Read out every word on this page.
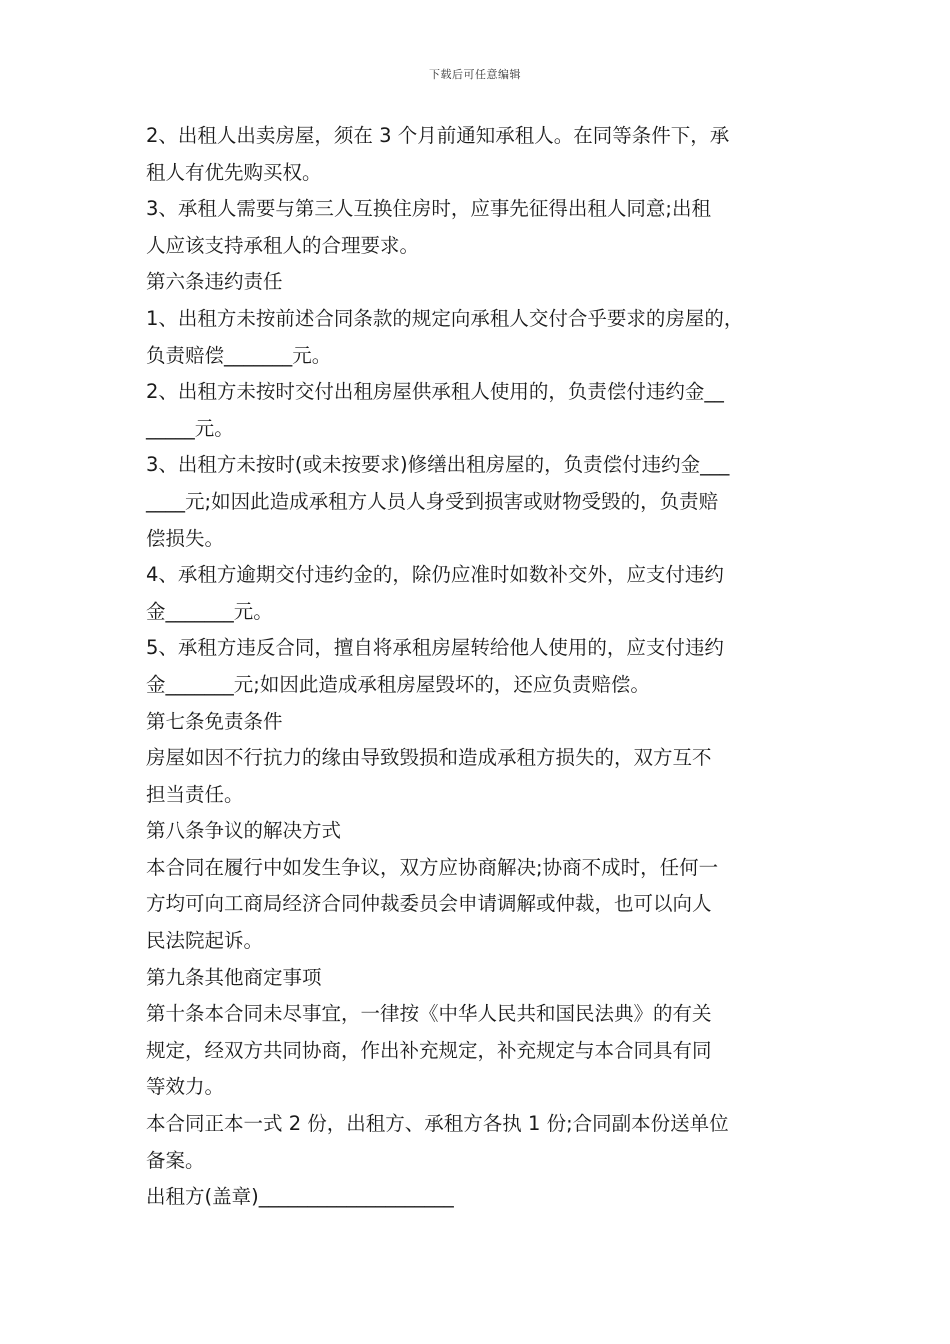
下载后可任意编辑
2、出租人出卖房屋，须在 3 个月前通知承租人。在同等条件下，承
租人有优先购买权。
3、承租人需要与第三人互换住房时，应事先征得出租人同意;出租
人应该支持承租人的合理要求。
第六条违约责任
1、出租方未按前述合同条款的规定向承租人交付合乎要求的房屋的，
负责赔偿_______元。
2、出租方未按时交付出租房屋供承租人使用的，负责偿付违约金__
_____元。
3、出租方未按时(或未按要求)修缮出租房屋的，负责偿付违约金___
____元;如因此造成承租方人员人身受到损害或财物受毁的，负责赔
偿损失。
4、承租方逾期交付违约金的，除仍应准时如数补交外，应支付违约
金_______元。
5、承租方违反合同，擅自将承租房屋转给他人使用的，应支付违约
金_______元;如因此造成承租房屋毁坏的，还应负责赔偿。
第七条免责条件
房屋如因不行抗力的缘由导致毁损和造成承租方损失的，双方互不
担当责任。
第八条争议的解决方式
本合同在履行中如发生争议，双方应协商解决;协商不成时，任何一
方均可向工商局经济合同仲裁委员会申请调解或仲裁，也可以向人
民法院起诉。
第九条其他商定事项
第十条本合同未尽事宜，一律按《中华人民共和国民法典》的有关
规定，经双方共同协商，作出补充规定，补充规定与本合同具有同
等效力。
本合同正本一式 2 份，出租方、承租方各执 1 份;合同副本份送单位
备案。
出租方(盖章)____________________
